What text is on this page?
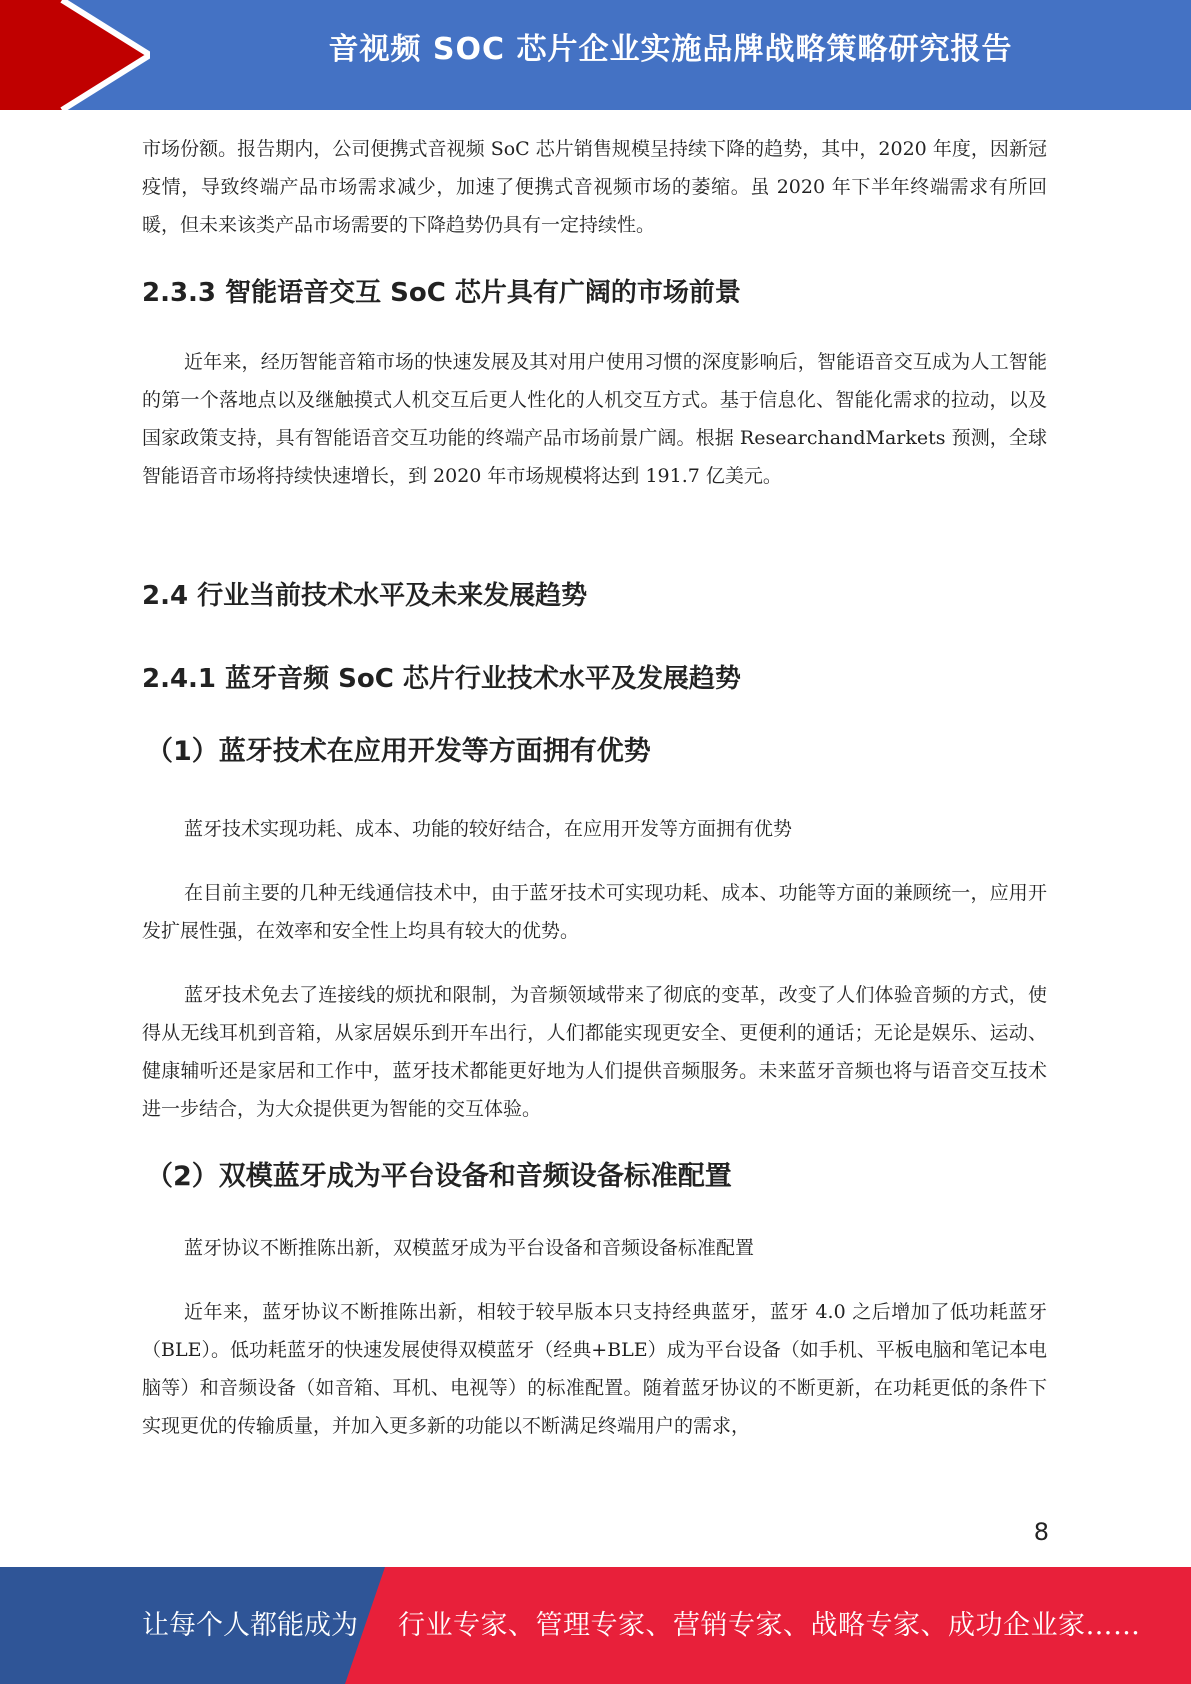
音视频 SOC 芯片企业实施品牌战略策略研究报告

市场份额。报告期内，公司便携式音视频 SoC 芯片销售规模呈持续下降的趋势，其中，2020 年度，因新冠疫情，导致终端产品市场需求减少，加速了便携式音视频市场的萎缩。虽 2020 年下半年终端需求有所回暖，但未来该类产品市场需要的下降趋势仍具有一定持续性。

2.3.3 智能语音交互 SoC 芯片具有广阔的市场前景

近年来，经历智能音箱市场的快速发展及其对用户使用习惯的深度影响后，智能语音交互成为人工智能的第一个落地点以及继触摸式人机交互后更人性化的人机交互方式。基于信息化、智能化需求的拉动，以及国家政策支持，具有智能语音交互功能的终端产品市场前景广阔。根据 ResearchandMarkets 预测，全球智能语音市场将持续快速增长，到 2020 年市场规模将达到 191.7 亿美元。

2.4 行业当前技术水平及未来发展趋势
2.4.1 蓝牙音频 SoC 芯片行业技术水平及发展趋势
（1）蓝牙技术在应用开发等方面拥有优势

蓝牙技术实现功耗、成本、功能的较好结合，在应用开发等方面拥有优势

在目前主要的几种无线通信技术中，由于蓝牙技术可实现功耗、成本、功能等方面的兼顾统一，应用开发扩展性强，在效率和安全性上均具有较大的优势。

蓝牙技术免去了连接线的烦扰和限制，为音频领域带来了彻底的变革，改变了人们体验音频的方式，使得从无线耳机到音箱，从家居娱乐到开车出行，人们都能实现更安全、更便利的通话；无论是娱乐、运动、健康辅听还是家居和工作中，蓝牙技术都能更好地为人们提供音频服务。未来蓝牙音频也将与语音交互技术进一步结合，为大众提供更为智能的交互体验。

（2）双模蓝牙成为平台设备和音频设备标准配置

蓝牙协议不断推陈出新，双模蓝牙成为平台设备和音频设备标准配置

近年来，蓝牙协议不断推陈出新，相较于较早版本只支持经典蓝牙，蓝牙 4.0 之后增加了低功耗蓝牙（BLE）。低功耗蓝牙的快速发展使得双模蓝牙（经典+BLE）成为平台设备（如手机、平板电脑和笔记本电脑等）和音频设备（如音箱、耳机、电视等）的标准配置。随着蓝牙协议的不断更新，在功耗更低的条件下实现更优的传输质量，并加入更多新的功能以不断满足终端用户的需求，

8
让每个人都能成为 行业专家、管理专家、营销专家、战略专家、成功企业家……
